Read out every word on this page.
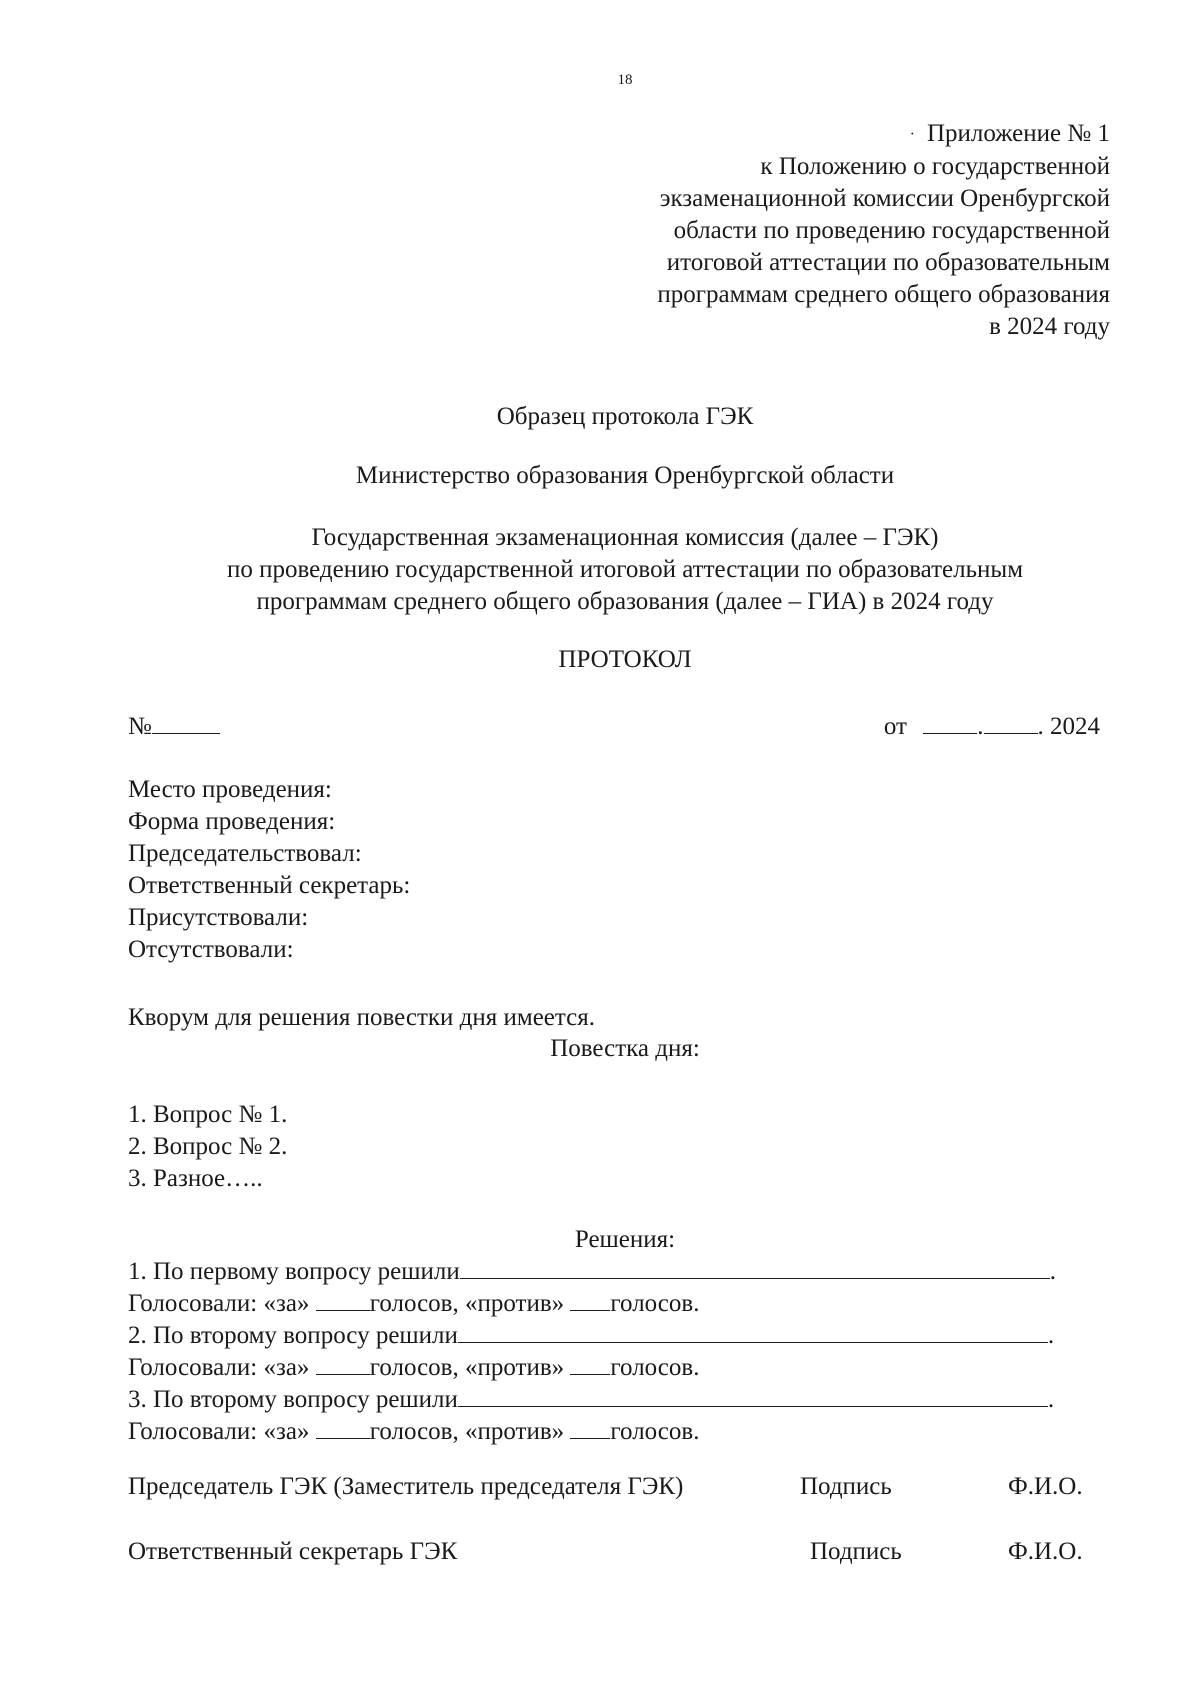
18
· Приложение № 1
к Положению о государственной
экзаменационной комиссии Оренбургской
области по проведению государственной
итоговой аттестации по образовательным
программам среднего общего образования
в 2024 году
Образец протокола ГЭК
Министерство образования Оренбургской области
Государственная экзаменационная комиссия (далее – ГЭК)
по проведению государственной итоговой аттестации по образовательным
программам среднего общего образования (далее – ГИА) в 2024 году
ПРОТОКОЛ
№	от	. . 2024
Место проведения:
Форма проведения:
Председательствовал:
Ответственный секретарь:
Присутствовали:
Отсутствовали:
Кворум для решения повестки дня имеется.
Повестка дня:
1. Вопрос № 1.
2. Вопрос № 2.
3. Разное…..
Решения:
1. По первому вопросу решили	.
Голосовали: «за» голосов, «против» голосов.
2. По второму вопросу решили	.
Голосовали: «за» голосов, «против» голосов.
3. По второму вопросу решили	.
Голосовали: «за» голосов, «против» голосов.
Председатель ГЭК (Заместитель председателя ГЭК)	Подпись	Ф.И.О.
Ответственный секретарь ГЭК	Подпись	Ф.И.О.
